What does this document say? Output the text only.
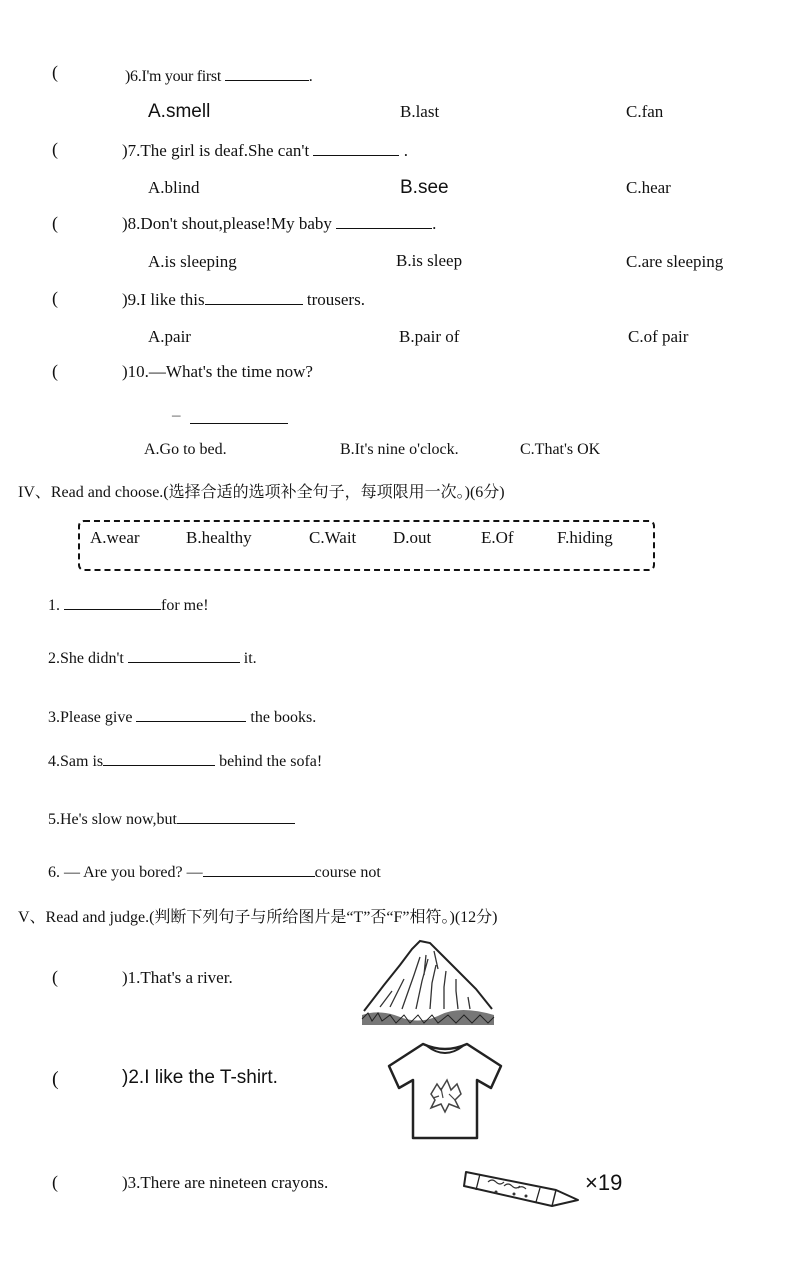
(	)6.I'm your first	.
A.smell	B.last	C.fan
(	)7.The girl is deaf.She can't	.
A.blind	B.see	C.hear
(	)8.Don't shout,please!My baby	.
A.is sleeping	B.is sleep	C.are sleeping
(	)9.I like this	trousers.
A.pair	B.pair of	C.of pair
(	)10.—What's the time now?
–
A.Go to bed.	B.It's nine o'clock.	C.That's OK
IV、Read and choose.(选择合适的选项补全句子，每项限用一次。)(6分)
A.wear	B.healthy	C.Wait D.out	E.Of	F.hiding
1.	for me!
2.She didn't	it.
3.Please give	the books.
4.Sam is	behind the sofa!
5.He's slow now,but
6. — Are you bored? —	course not
V、Read and judge.(判断下列句子与所给图片是“T”否“F”相符。)(12分)
(	)1.That's a river.
(	)2.I like the T-shirt.
(	)3.There are nineteen crayons.	×19
